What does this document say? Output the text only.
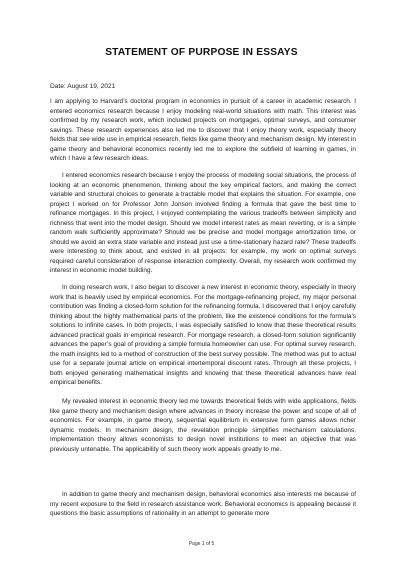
STATEMENT OF PURPOSE IN ESSAYS
Date: August 19, 2021

I am applying to Harvard’s doctoral program in economics in pursuit of a career in academic research. I entered economics research because I enjoy modeling real-world situations with math. This interest was confirmed by my research work, which included projects on mortgages, optimal surveys, and consumer savings. These research experiences also led me to discover that I enjoy theory work, especially theory fields that see wide use in empirical research, fields like game theory and mechanism design. My interest in game theory and behavioral economics recently led me to explore the subfield of learning in games, in which I have a few research ideas.

I entered economics research because I enjoy the process of modeling social situations, the process of looking at an economic phenomenon, thinking about the key empirical factors, and making the correct variable and structural choices to generate a tractable model that explains the situation. For example, one project I worked on for Professor John Jonson involved finding a formula that gave the best time to refinance mortgages. In this project, I enjoyed contemplating the various tradeoffs between simplicity and richness that went into the model design. Should we model interest rates as mean reverting, or is a simple random walk sufficiently approximate? Should we be precise and model mortgage amortization time, or should we avoid an extra state variable and instead just use a time-stationary hazard rate? These tradeoffs were interesting to think about, and existed in all projects: for example, my work on optimal surveys required careful consideration of response interaction complexity. Overall, my research work confirmed my interest in economic model building.

In doing research work, I also began to discover a new interest in economic theory, especially in theory work that is heavily used by empirical economics. For the mortgage-refinancing project, my major personal contribution was finding a closed-form solution for the refinancing formula. I discovered that I enjoy carefully thinking about the highly mathematical parts of the problem, like the existence conditions for the formula’s solutions to infinite cases. In both projects, I was especially satisfied to know that these theoretical results advanced practical goals in empirical research. For mortgage research, a closed-form solution significantly advances the paper’s goal of providing a simple formula homeowner can use. For optimal survey research, the math insights led to a method of construction of the best survey possible. The method was put to actual use for a separate journal article on empirical intertemporal discount rates. Through all these projects, I both enjoyed generating mathematical insights and knowing that these theoretical advances have real empirical benefits.

My revealed interest in economic theory led me towards theoretical fields with wide applications, fields like game theory and mechanism design where advances in theory increase the power and scope of all of economics. For example, in game theory, sequential equilibrium in extensive form games allows richer dynamic models. In mechanism design, the revelation principle simplifies mechanism calculations. Implementation theory allows economists to design novel institutions to meet an objective that was previously untenable. The applicability of such theory work appeals greatly to me.

In addition to game theory and mechanism design, behavioral economics also interests me because of my recent exposure to the field in research assistance work. Behavioral economics is appealing because it questions the basic assumptions of rationality in an attempt to generate more

Page 1 of 5
